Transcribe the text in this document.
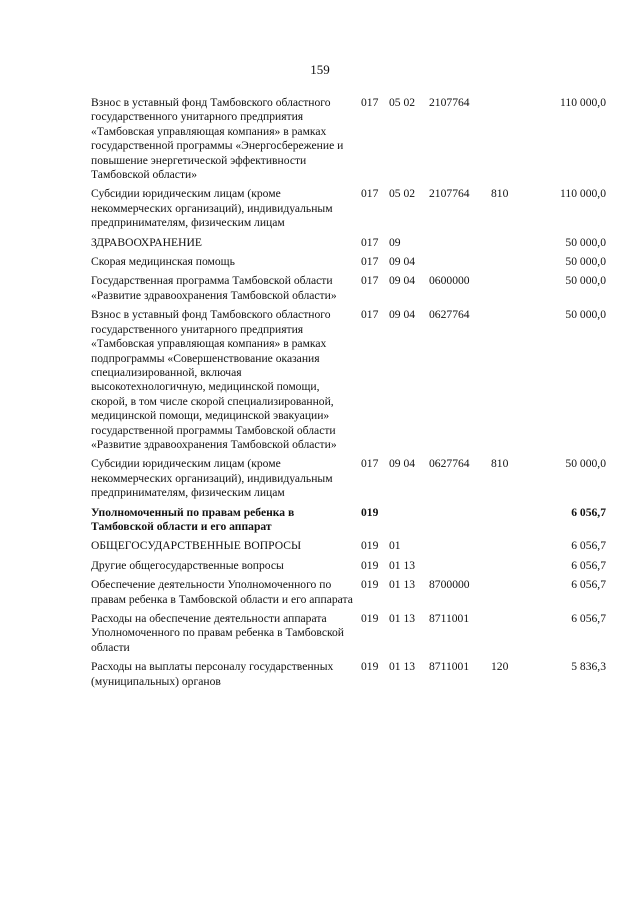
159
Взнос в уставный фонд Тамбовского областного государственного унитарного предприятия «Тамбовская управляющая компания» в рамках государственной программы «Энергосбережение и повышение энергетической эффективности Тамбовской области»	017	05 02	2107764		110 000,0
Субсидии юридическим лицам (кроме некоммерческих организаций), индивидуальным предпринимателям, физическим лицам	017	05 02	2107764	810	110 000,0
ЗДРАВООХРАНЕНИЕ	017	09			50 000,0
Скорая медицинская помощь	017	09 04			50 000,0
Государственная программа Тамбовской области «Развитие здравоохранения Тамбовской области»	017	09 04	0600000		50 000,0
Взнос в уставный фонд Тамбовского областного государственного унитарного предприятия «Тамбовская управляющая компания» в рамках подпрограммы «Совершенствование оказания специализированной, включая высокотехнологичную, медицинской помощи, скорой, в том числе скорой специализированной, медицинской помощи, медицинской эвакуации» государственной программы Тамбовской области «Развитие здравоохранения Тамбовской области»	017	09 04	0627764		50 000,0
Субсидии юридическим лицам (кроме некоммерческих организаций), индивидуальным предпринимателям, физическим лицам	017	09 04	0627764	810	50 000,0
Уполномоченный по правам ребенка в Тамбовской области и его аппарат	019				6 056,7
ОБЩЕГОСУДАРСТВЕННЫЕ ВОПРОСЫ	019	01			6 056,7
Другие общегосударственные вопросы	019	01 13			6 056,7
Обеспечение деятельности Уполномоченного по правам ребенка в Тамбовской области и его аппарата	019	01 13	8700000		6 056,7
Расходы на обеспечение деятельности аппарата Уполномоченного по правам ребенка в Тамбовской области	019	01 13	8711001		6 056,7
Расходы на выплаты персоналу государственных (муниципальных) органов	019	01 13	8711001	120	5 836,3
